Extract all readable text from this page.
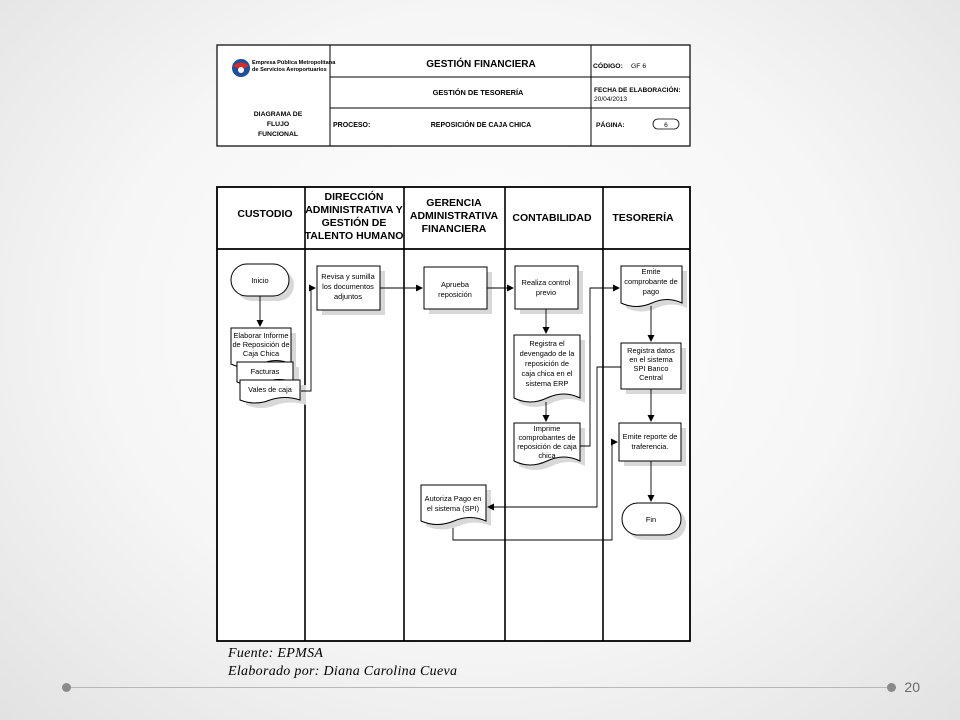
Empresa Pública Metropolitana
de Servicios Aeroportuarios
DIAGRAMA DE
FLUJO
FUNCIONAL
GESTIÓN FINANCIERA
GESTIÓN DE TESORERÍA
PROCESO:	REPOSICIÓN DE CAJA CHICA
CÓDIGO: GF 6
FECHA DE ELABORACIÓN:
20/04/2013
PÁGINA:	6
CUSTODIO
DIRECCIÓN
ADMINISTRATIVA Y
GESTIÓN DE
TALENTO HUMANO
GERENCIA
ADMINISTRATIVA
FINANCIERA
CONTABILIDAD TESORERÍA
Inicio
Elaborar Informe
de Reposición de
Caja Chica
Facturas
Vales de caja
Revisa y sumilla
los documentos
adjuntos
Aprueba
reposición
Realiza control
previo
Registra el
devengado de la
reposición de
caja chica en el
sistema ERP
Imprime
comprobantes de
reposición de caja
chica
Autoriza Pago en
el sistema (SPI)
Emite
comprobante de
pago
Registra datos
en el sistema
SPI Banco
Central
Emite reporte de
traferencia.
Fin
Fuente: EPMSA
Elaborado por: Diana Carolina Cueva
20
